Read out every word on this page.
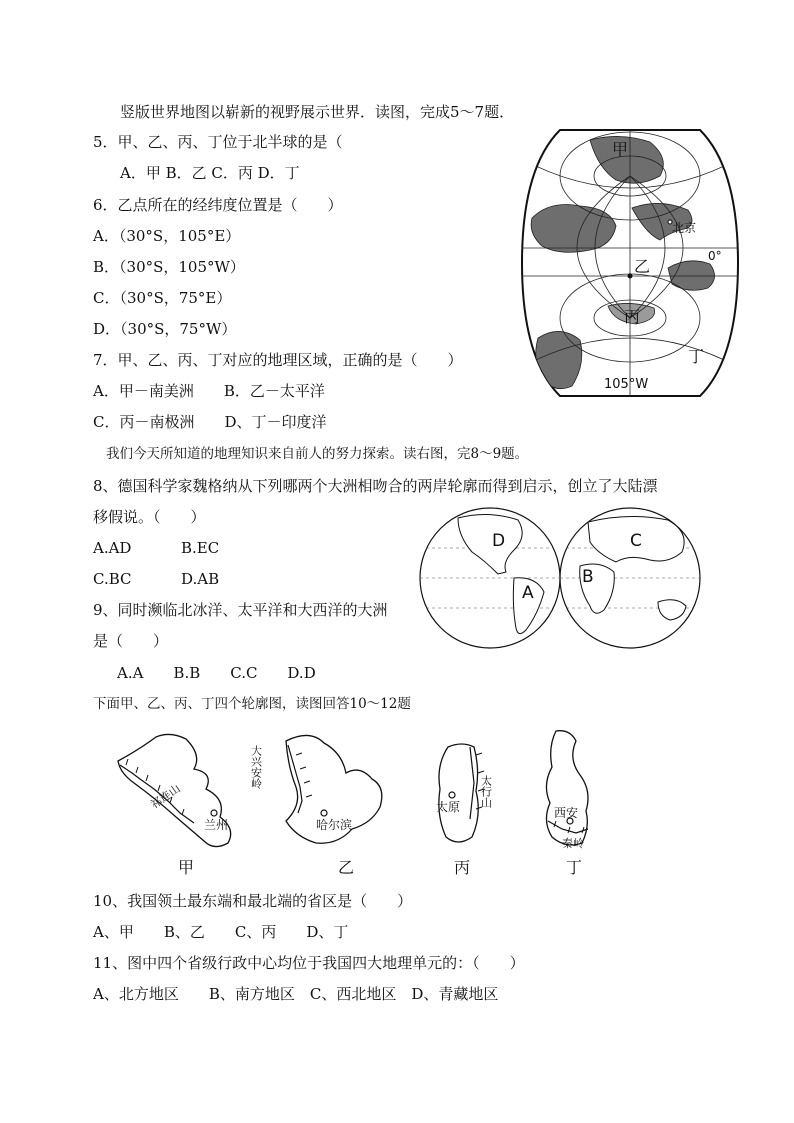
竖版世界地图以崭新的视野展示世界．读图，完成5～7题．
5．甲、乙、丙、丁位于北半球的是（
A．甲 B．乙 C．丙 D．丁
6．乙点所在的经纬度位置是（　　）
A．（30°S，105°E）
B．（30°S，105°W）
C．（30°S，75°E）
D．（30°S，75°W）
7．甲、乙、丙、丁对应的地理区域，正确的是（　　）
A．甲－南美洲　　B．乙－太平洋
C．丙－南极洲　　D、丁－印度洋
甲
乙
丙
丁
北京
0°
105°W
我们今天所知道的地理知识来自前人的努力探索。读右图，完8～9题。
8、德国科学家魏格纳从下列哪两个大洲相吻合的两岸轮廓而得到启示，创立了大陆漂
移假说。（　　）
A.AD	B.EC
C.BC	D.AB
9、同时濒临北冰洋、太平洋和大西洋的大洲
是（　　）
A.A　　B.B　　C.C　　D.D
D
A
B
C
下面甲、乙、丙、丁四个轮廓图，读图回答10～12题
祁连山
兰州
大兴安岭
哈尔滨
太行山
太原	西安
秦岭
甲	乙	丙	丁
10、我国领土最东端和最北端的省区是（　　）
A、甲　　B、乙　　C、丙　　D、丁
11、图中四个省级行政中心均位于我国四大地理单元的：（　　）
A、北方地区　　B、南方地区　C、西北地区　D、青藏地区
